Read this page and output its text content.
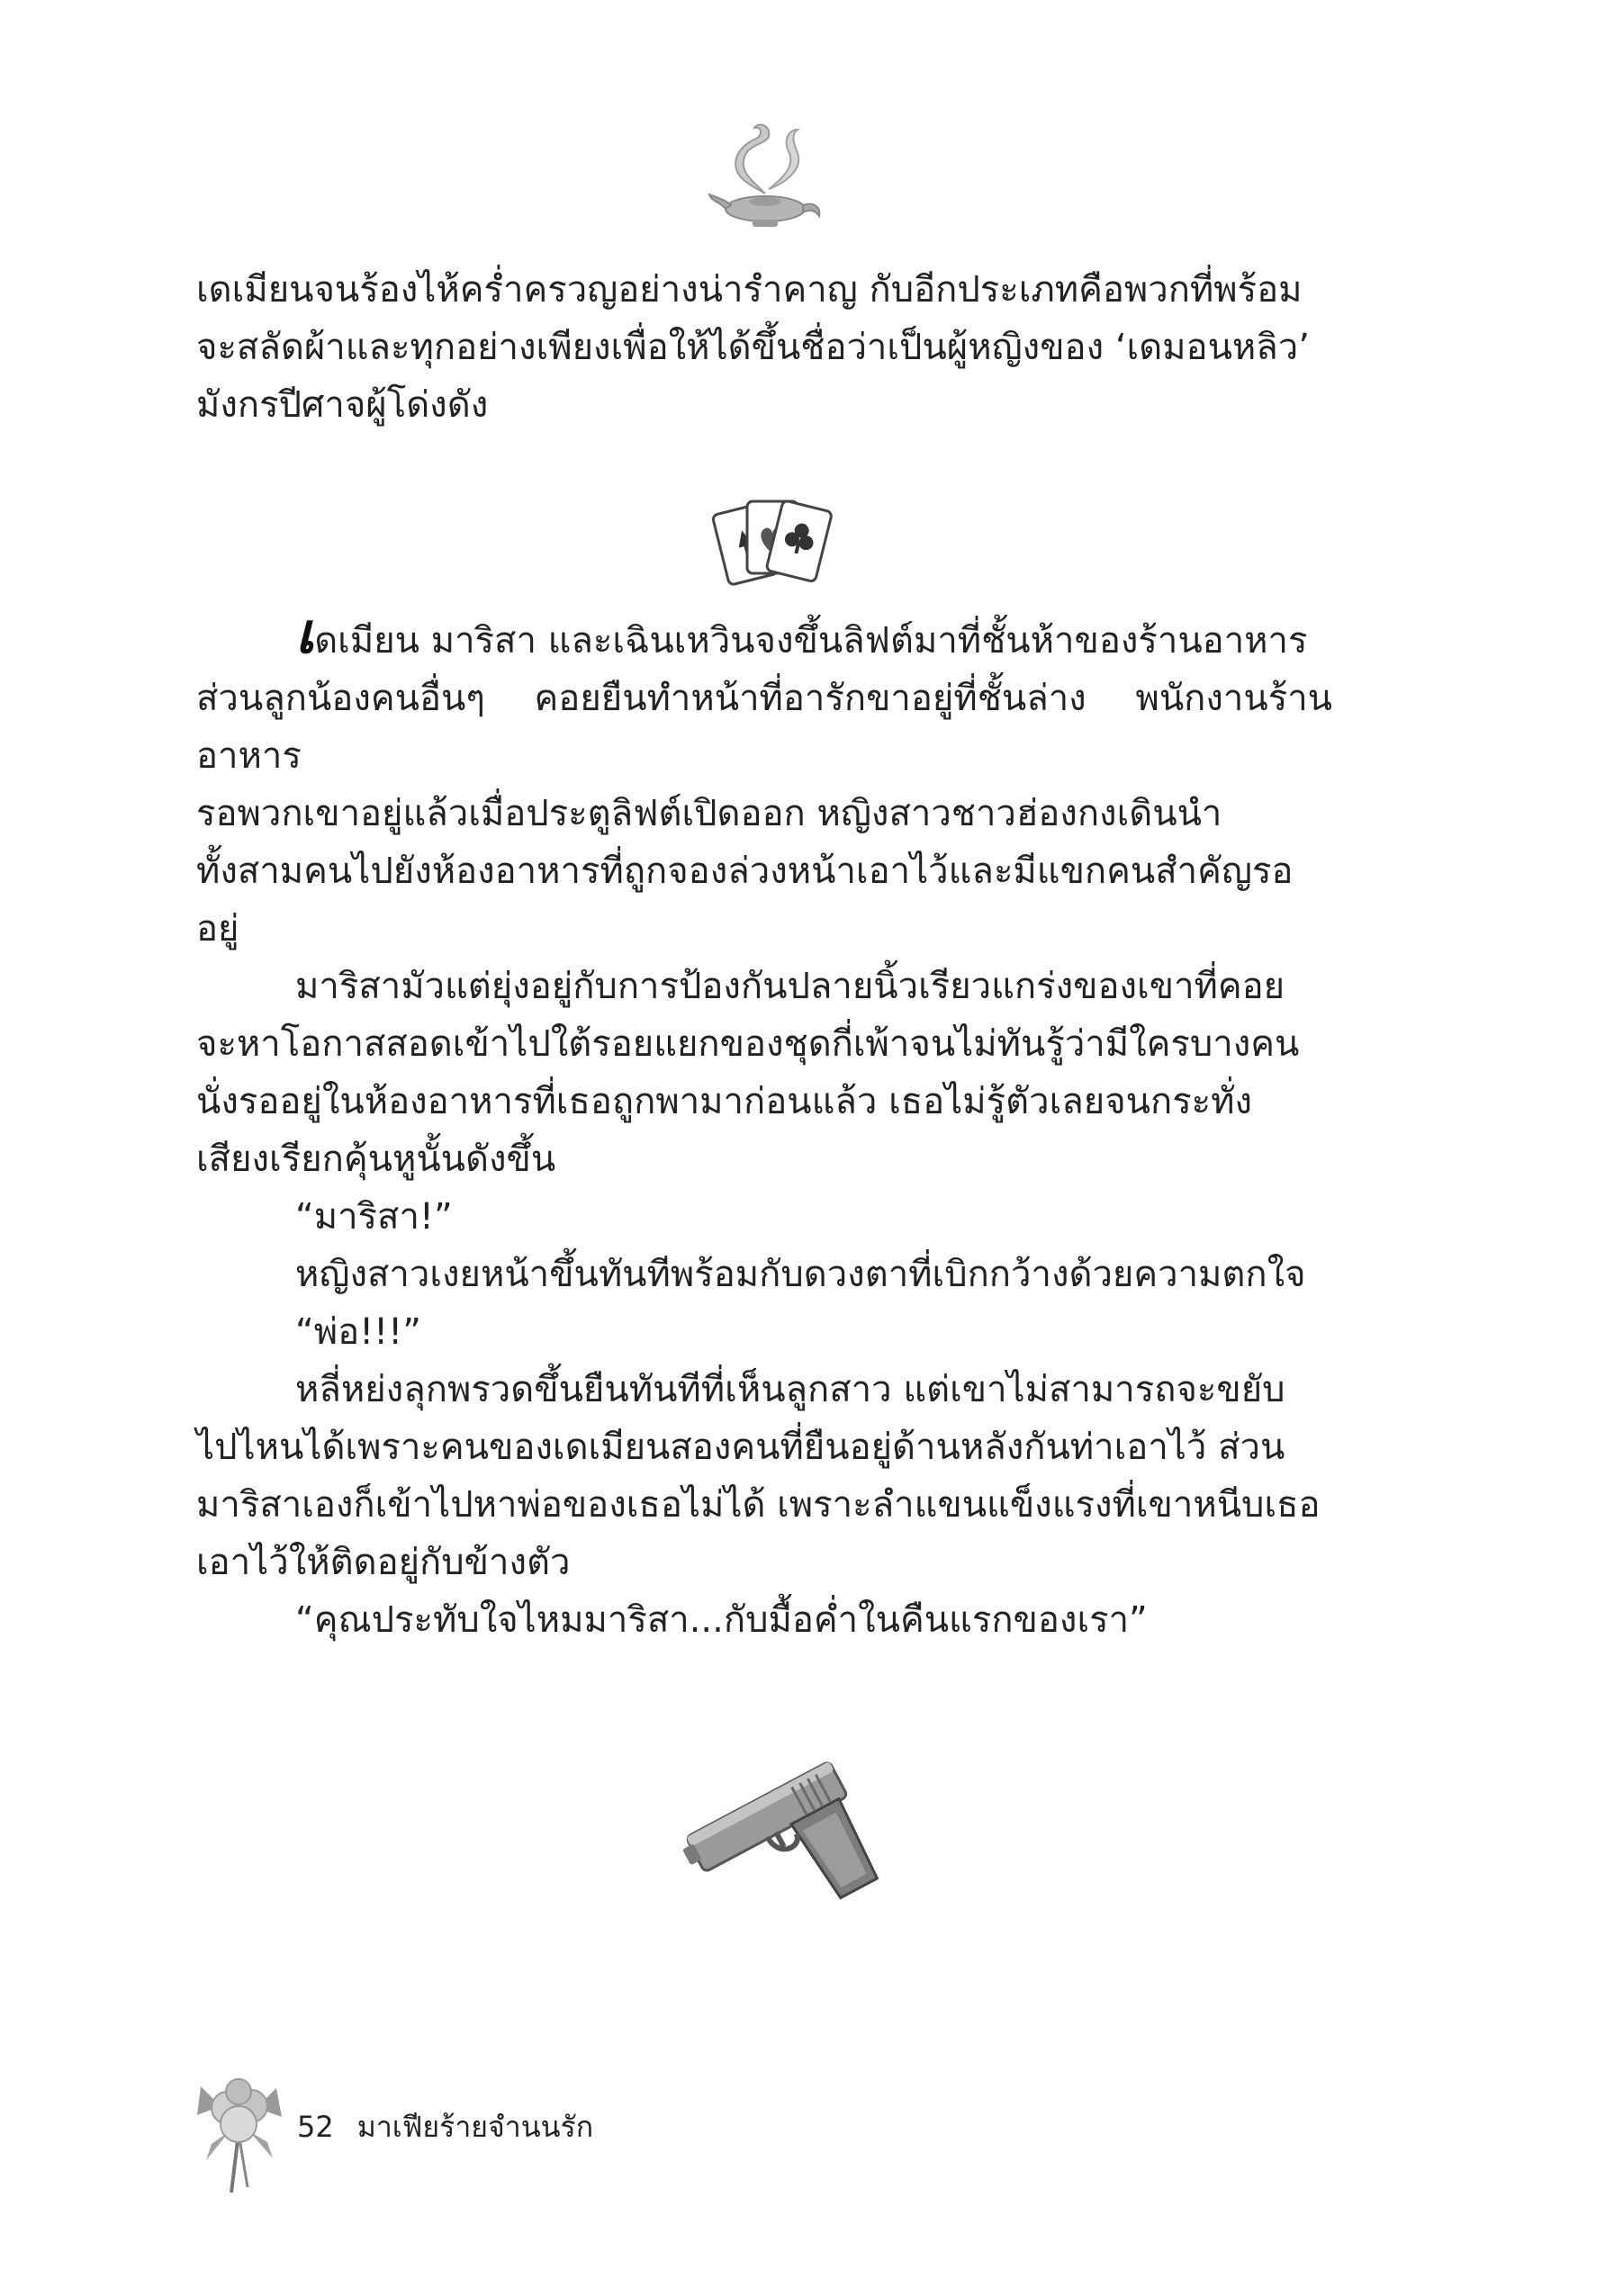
เดเมียนจนร้องไห้คร่ำครวญอย่างน่ารำคาญ กับอีกประเภทคือพวกที่พร้อม

จะสลัดผ้าและทุกอย่างเพียงเพื่อให้ได้ขึ้นชื่อว่าเป็นผู้หญิงของ ‘เดมอนหลิว’

มังกรปีศาจผู้โด่งดัง

เดเมียน มาริสา และเฉินเหวินจงขึ้นลิฟต์มาที่ชั้นห้าของร้านอาหาร

ส่วนลูกน้องคนอื่นๆ คอยยืนทำหน้าที่อารักขาอยู่ที่ชั้นล่าง พนักงานร้านอาหาร

รอพวกเขาอยู่แล้วเมื่อประตูลิฟต์เปิดออก หญิงสาวชาวฮ่องกงเดินนำ

ทั้งสามคนไปยังห้องอาหารที่ถูกจองล่วงหน้าเอาไว้และมีแขกคนสำคัญรออยู่

มาริสามัวแต่ยุ่งอยู่กับการป้องกันปลายนิ้วเรียวแกร่งของเขาที่คอย

จะหาโอกาสสอดเข้าไปใต้รอยแยกของชุดกี่เพ้าจนไม่ทันรู้ว่ามีใครบางคน

นั่งรออยู่ในห้องอาหารที่เธอถูกพามาก่อนแล้ว เธอไม่รู้ตัวเลยจนกระทั่ง

เสียงเรียกคุ้นหูนั้นดังขึ้น

“มาริสา!”

หญิงสาวเงยหน้าขึ้นทันทีพร้อมกับดวงตาที่เบิกกว้างด้วยความตกใจ

“พ่อ!!!”

หลี่หย่งลุกพรวดขึ้นยืนทันทีที่เห็นลูกสาว แต่เขาไม่สามารถจะขยับ

ไปไหนได้เพราะคนของเดเมียนสองคนที่ยืนอยู่ด้านหลังกันท่าเอาไว้ ส่วน

มาริสาเองก็เข้าไปหาพ่อของเธอไม่ได้ เพราะลำแขนแข็งแรงที่เขาหนีบเธอ

เอาไว้ให้ติดอยู่กับข้างตัว

“คุณประทับใจไหมมาริสา...กับมื้อค่ำในคืนแรกของเรา”

52 มาเฟียร้ายจำนนรัก
